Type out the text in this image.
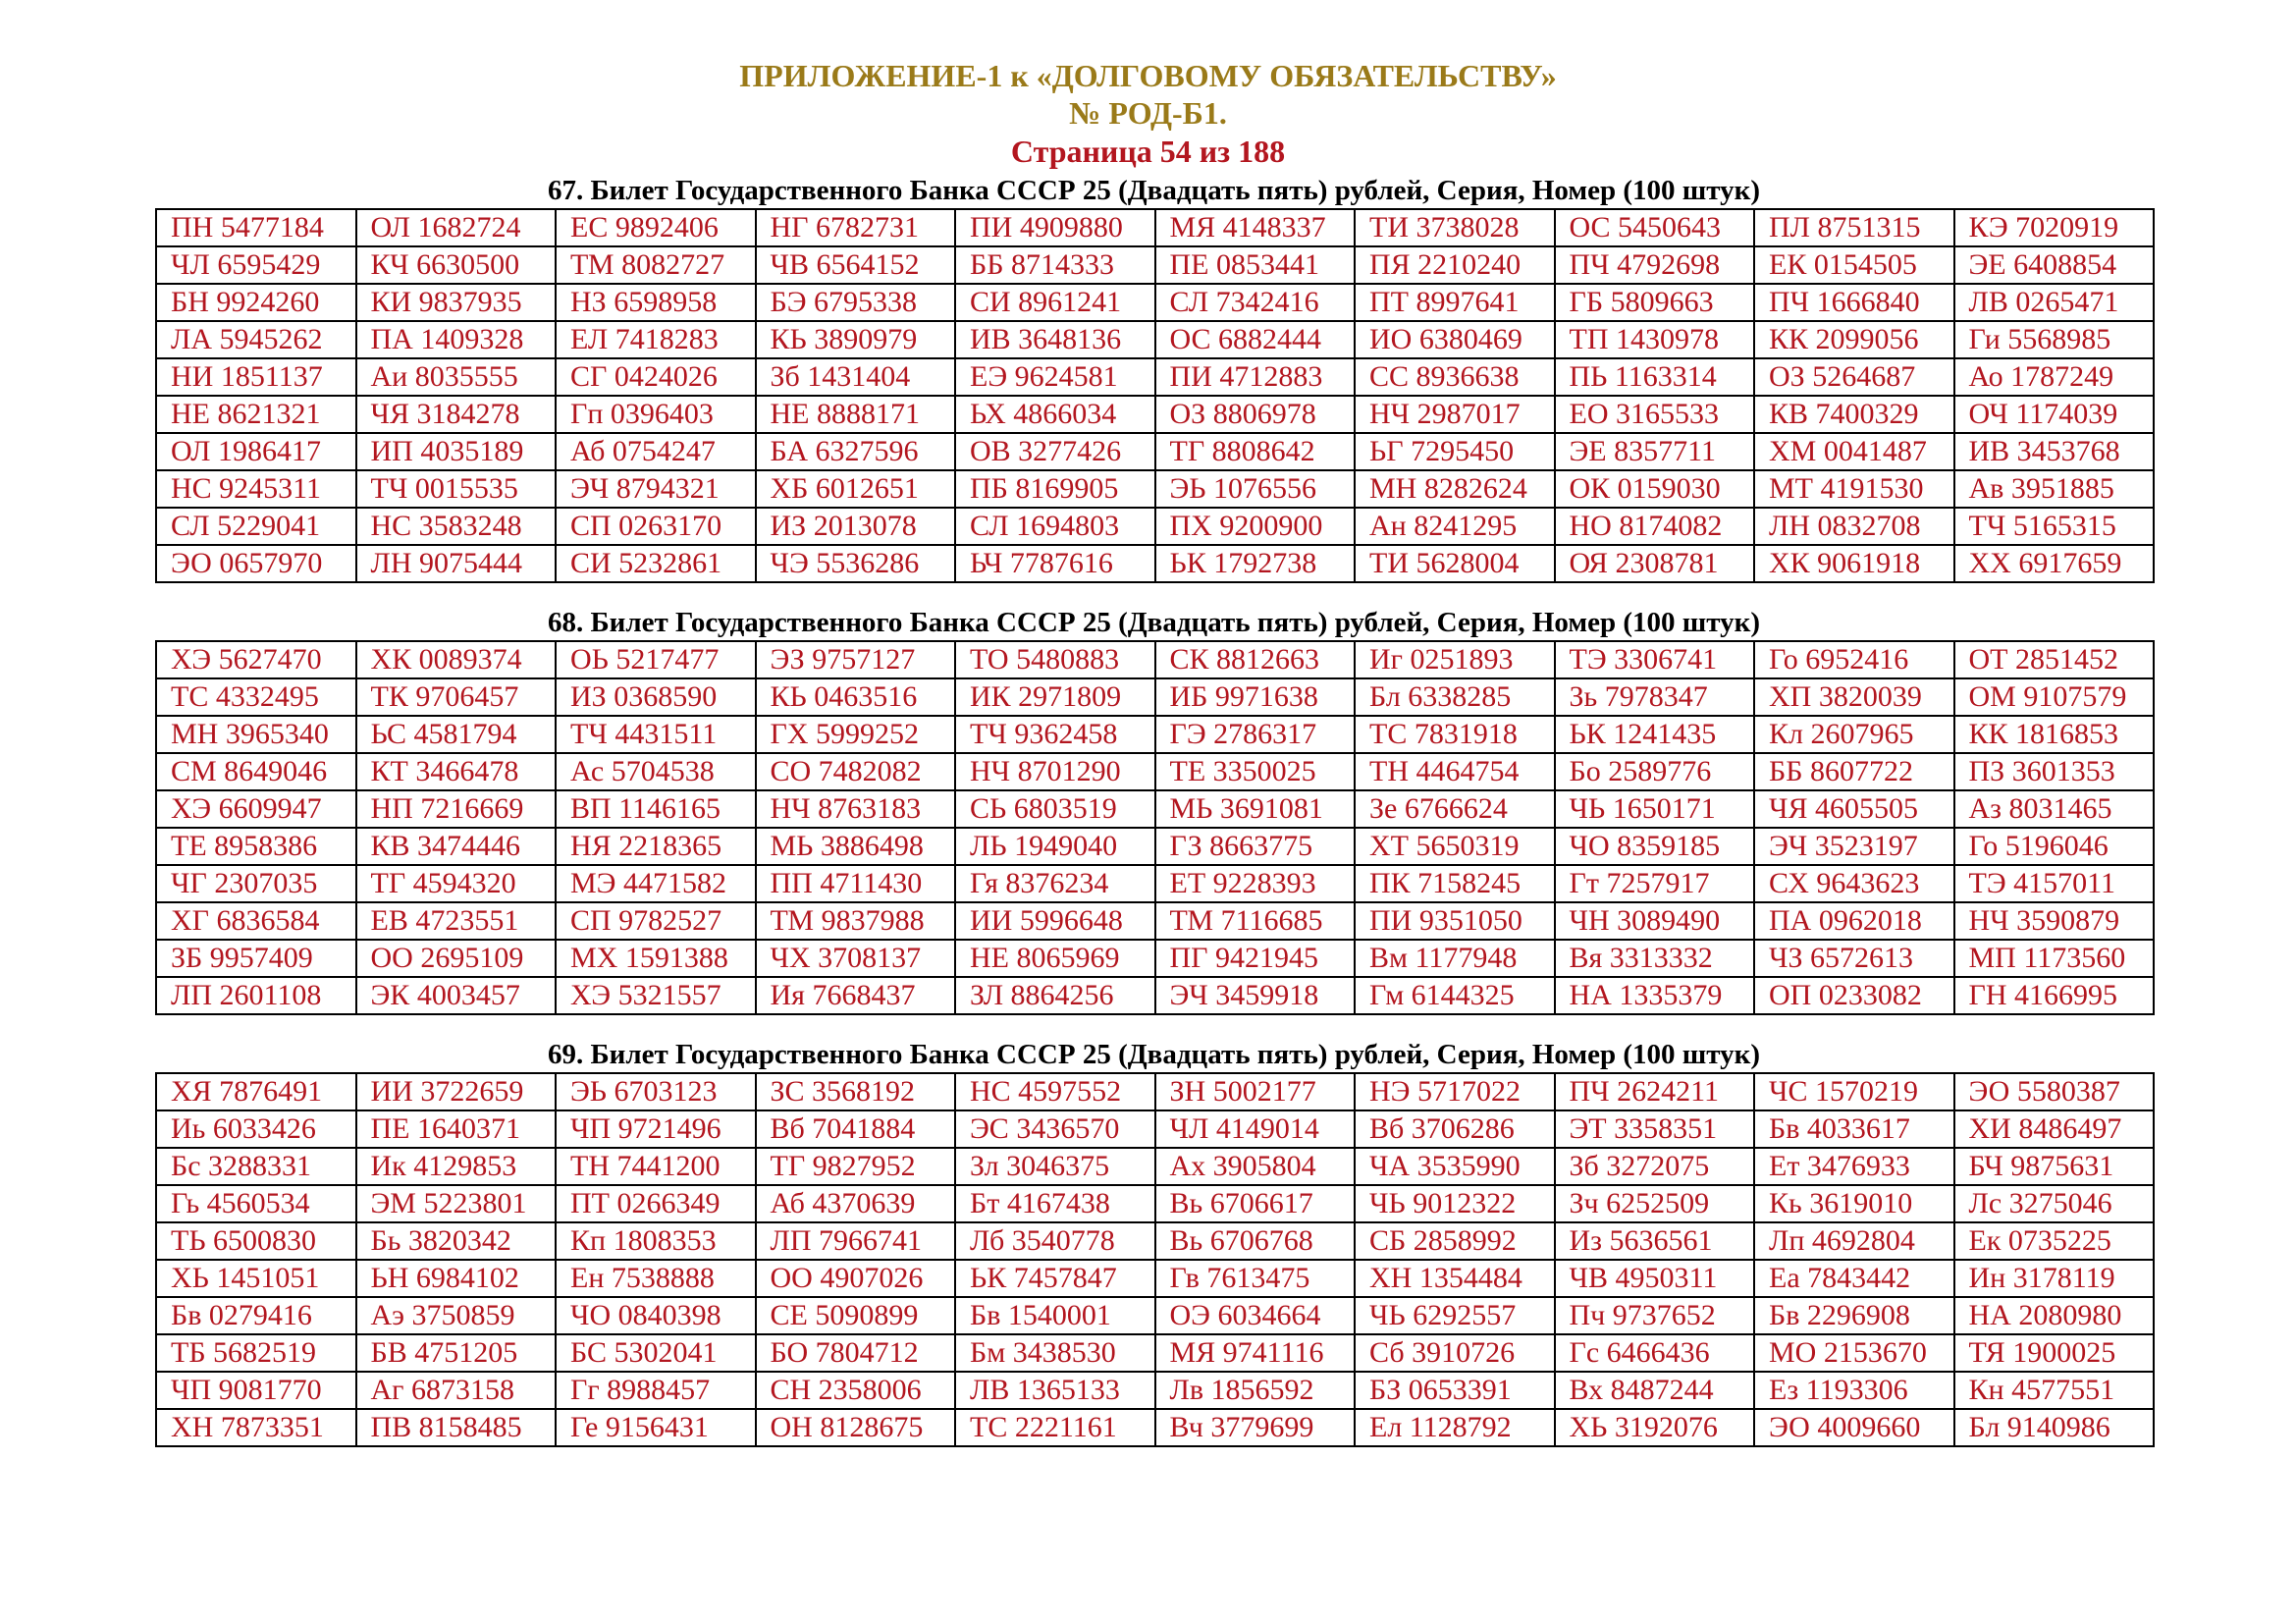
ПРИЛОЖЕНИЕ-1 к «ДОЛГОВОМУ ОБЯЗАТЕЛЬСТВУ»
№ РОД-Б1.
Страница 54 из 188
67. Билет Государственного Банка СССР 25 (Двадцать пять) рублей, Серия, Номер (100 штук)
ПН 5477184	ОЛ 1682724	ЕС 9892406	НГ 6782731	ПИ 4909880	МЯ 4148337	ТИ 3738028	ОС 5450643	ПЛ 8751315	КЭ 7020919
ЧЛ 6595429	КЧ 6630500	ТМ 8082727	ЧВ 6564152	ББ 8714333	ПЕ 0853441	ПЯ 2210240	ПЧ 4792698	ЕК 0154505	ЭЕ 6408854
БН 9924260	КИ 9837935	НЗ 6598958	БЭ 6795338	СИ 8961241	СЛ 7342416	ПТ 8997641	ГБ 5809663	ПЧ 1666840	ЛВ 0265471
ЛА 5945262	ПА 1409328	ЕЛ 7418283	КЬ 3890979	ИВ 3648136	ОС 6882444	ИО 6380469	ТП 1430978	КК 2099056	Ги 5568985
НИ 1851137	Аи 8035555	СГ 0424026	Зб 1431404	ЕЭ 9624581	ПИ 4712883	СС 8936638	ПЬ 1163314	ОЗ 5264687	Ао 1787249
НЕ 8621321	ЧЯ 3184278	Гп 0396403	НЕ 8888171	ЬХ 4866034	ОЗ 8806978	НЧ 2987017	ЕО 3165533	КВ 7400329	ОЧ 1174039
ОЛ 1986417	ИП 4035189	Аб 0754247	БА 6327596	ОВ 3277426	ТГ 8808642	ЬГ 7295450	ЭЕ 8357711	ХМ 0041487	ИВ 3453768
НС 9245311	ТЧ 0015535	ЭЧ 8794321	ХБ 6012651	ПБ 8169905	ЭЬ 1076556	МН 8282624	ОК 0159030	МТ 4191530	Ав 3951885
СЛ 5229041	НС 3583248	СП 0263170	ИЗ 2013078	СЛ 1694803	ПХ 9200900	Ан 8241295	НО 8174082	ЛН 0832708	ТЧ 5165315
ЭО 0657970	ЛН 9075444	СИ 5232861	ЧЭ 5536286	ЬЧ 7787616	ЬК 1792738	ТИ 5628004	ОЯ 2308781	ХК 9061918	ХХ 6917659
68. Билет Государственного Банка СССР 25 (Двадцать пять) рублей, Серия, Номер (100 штук)
ХЭ 5627470	ХК 0089374	ОЬ 5217477	ЭЗ 9757127	ТО 5480883	СК 8812663	Иг 0251893	ТЭ 3306741	Го 6952416	ОТ 2851452
ТС 4332495	ТК 9706457	ИЗ 0368590	КЬ 0463516	ИК 2971809	ИБ 9971638	Бл 6338285	Зь 7978347	ХП 3820039	ОМ 9107579
МН 3965340	ЬС 4581794	ТЧ 4431511	ГХ 5999252	ТЧ 9362458	ГЭ 2786317	ТС 7831918	ЬК 1241435	Кл 2607965	КК 1816853
СМ 8649046	КТ 3466478	Ас 5704538	СО 7482082	НЧ 8701290	ТЕ 3350025	ТН 4464754	Бо 2589776	ББ 8607722	ПЗ 3601353
ХЭ 6609947	НП 7216669	ВП 1146165	НЧ 8763183	СЬ 6803519	МЬ 3691081	Зе 6766624	ЧЬ 1650171	ЧЯ 4605505	Аз 8031465
ТЕ 8958386	КВ 3474446	НЯ 2218365	МЬ 3886498	ЛЬ 1949040	ГЗ 8663775	ХТ 5650319	ЧО 8359185	ЭЧ 3523197	Го 5196046
ЧГ 2307035	ТГ 4594320	МЭ 4471582	ПП 4711430	Гя 8376234	ЕТ 9228393	ПК 7158245	Гт 7257917	СХ 9643623	ТЭ 4157011
ХГ 6836584	ЕВ 4723551	СП 9782527	ТМ 9837988	ИИ 5996648	ТМ 7116685	ПИ 9351050	ЧН 3089490	ПА 0962018	НЧ 3590879
ЗБ 9957409	ОО 2695109	МХ 1591388	ЧХ 3708137	НЕ 8065969	ПГ 9421945	Вм 1177948	Вя 3313332	ЧЗ 6572613	МП 1173560
ЛП 2601108	ЭК 4003457	ХЭ 5321557	Ия 7668437	ЗЛ 8864256	ЭЧ 3459918	Гм 6144325	НА 1335379	ОП 0233082	ГН 4166995
69. Билет Государственного Банка СССР 25 (Двадцать пять) рублей, Серия, Номер (100 штук)
ХЯ 7876491	ИИ 3722659	ЭЬ 6703123	ЗС 3568192	НС 4597552	ЗН 5002177	НЭ 5717022	ПЧ 2624211	ЧС 1570219	ЭО 5580387
Иь 6033426	ПЕ 1640371	ЧП 9721496	Вб 7041884	ЭС 3436570	ЧЛ 4149014	Вб 3706286	ЭТ 3358351	Бв 4033617	ХИ 8486497
Бс 3288331	Ик 4129853	ТН 7441200	ТГ 9827952	Зл 3046375	Ах 3905804	ЧА 3535990	Зб 3272075	Ет 3476933	БЧ 9875631
Гь 4560534	ЭМ 5223801	ПТ 0266349	Аб 4370639	Бт 4167438	Вь 6706617	ЧЬ 9012322	Зч 6252509	Кь 3619010	Лс 3275046
ТЬ 6500830	Бь 3820342	Кп 1808353	ЛП 7966741	Лб 3540778	Вь 6706768	СБ 2858992	Из 5636561	Лп 4692804	Ек 0735225
ХЬ 1451051	ЬН 6984102	Ен 7538888	ОО 4907026	ЬК 7457847	Гв 7613475	ХН 1354484	ЧВ 4950311	Еа 7843442	Ин 3178119
Бв 0279416	Аэ 3750859	ЧО 0840398	СЕ 5090899	Бв 1540001	ОЭ 6034664	ЧЬ 6292557	Пч 9737652	Бв 2296908	НА 2080980
ТБ 5682519	БВ 4751205	БС 5302041	БО 7804712	Бм 3438530	МЯ 9741116	Сб 3910726	Гс 6466436	МО 2153670	ТЯ 1900025
ЧП 9081770	Аг 6873158	Гг 8988457	СН 2358006	ЛВ 1365133	Лв 1856592	БЗ 0653391	Вх 8487244	Ез 1193306	Кн 4577551
ХН 7873351	ПВ 8158485	Ге 9156431	ОН 8128675	ТС 2221161	Вч 3779699	Ел 1128792	ХЬ 3192076	ЭО 4009660	Бл 9140986
